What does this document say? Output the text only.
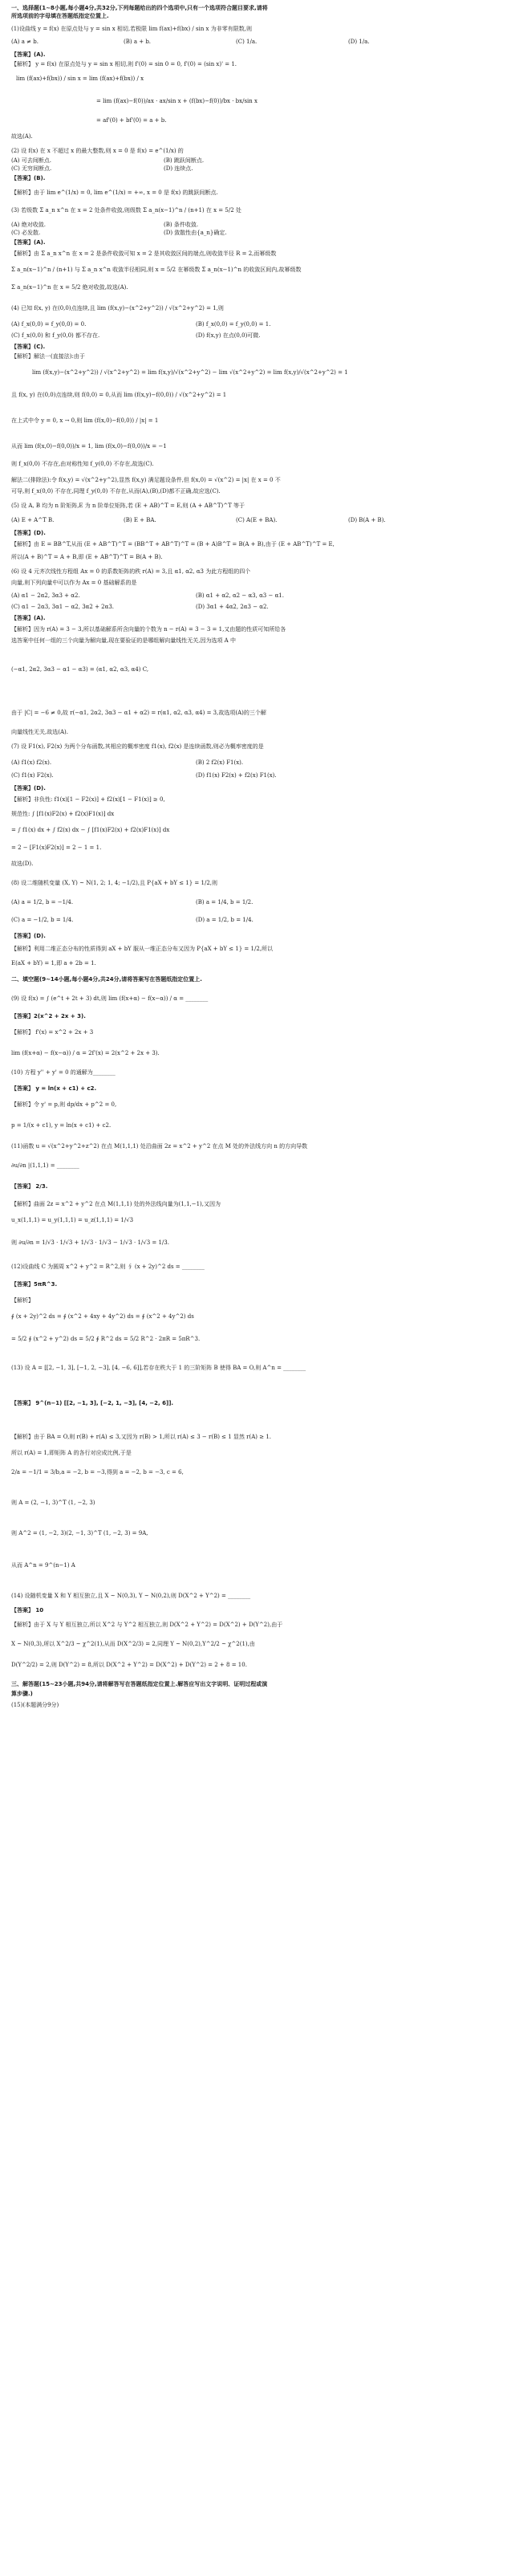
一、选择题(1~8小题,每小题4分,共32分,下列每题给出的四个选项中,只有一个选项符合题目要求,请将
所选项前的字母填在答题纸指定位置上.
(1)设曲线 y = f(x) 在原点处与 y = sin x 相切,若极限 lim f(ax)+f(bx) / sin x 为非零有限数,则
(A) a ≠ b.	(B) a + b.	(C) 1/a.	(D) 1/a.
【答案】(A).
【解析】 y = f(x) 在原点处与 y = sin x 相切,则 f'(0) = sin 0 = 0, f'(0) = (sin x)' = 1.
lim (f(ax)+f(bx)) / sin x = lim (f(ax)+f(bx)) / x
= lim (f(ax)−f(0))/ax · ax/sin x + (f(bx)−f(0))/bx · bx/sin x
= af'(0) + bf'(0) = a + b.
故选(A).
(2) 设 f(x) 在 x 不超过 x 的最大整数,则 x = 0 是 f(x) = e^(1/x) 的
(A) 可去间断点.	(B) 跳跃间断点.
(C) 无穷间断点.	(D) 连续点.
【答案】(B).
【解析】由于 lim e^(1/x) = 0, lim e^(1/x) = +∞, x = 0 是 f(x) 的跳跃间断点.
(3) 若级数 Σ a_n x^n 在 x = 2 处条件收敛,则级数 Σ a_n(x−1)^n / (n+1) 在 x = 5/2 处
(A) 绝对收敛.	(B) 条件收敛.
(C) 必发散.	(D) 敛散性由{a_n}确定.
【答案】(A).
【解析】由 Σ a_n x^n 在 x = 2 是条件收敛可知 x = 2 是其收敛区间的端点,则收敛半径 R = 2,而幂级数
Σ a_n(x−1)^n / (n+1) 与 Σ a_n x^n 收敛半径相同,则 x = 5/2 在幂级数 Σ a_n(x−1)^n 的收敛区间内,故幂级数
Σ a_n(x−1)^n 在 x = 5/2 绝对收敛,故选(A).
(4) 已知 f(x, y) 在(0,0)点连续,且 lim (f(x,y)−(x^2+y^2)) / √(x^2+y^2) = 1,则
(A) f_x(0,0) = f_y(0,0) = 0.	(B) f_x(0,0) = f_y(0,0) = 1.
(C) f_x(0,0) 和 f_y(0,0) 都不存在.	(D) f(x,y) 在点(0,0)可微.
【答案】(C).
【解析】解法一(直接法):由于
lim (f(x,y)−(x^2+y^2)) / √(x^2+y^2) = lim f(x,y)/√(x^2+y^2) − lim √(x^2+y^2) = lim f(x,y)/√(x^2+y^2) = 1
且 f(x, y) 在(0,0)点连续,则 f(0,0) = 0,从而 lim (f(x,y)−f(0,0)) / √(x^2+y^2) = 1
在上式中令 y = 0, x → 0,则 lim (f(x,0)−f(0,0)) / |x| = 1
从而 lim (f(x,0)−f(0,0))/x = 1, lim (f(x,0)−f(0,0))/x = −1
则 f_x(0,0) 不存在,由对称性知 f_y(0,0) 不存在,故选(C).
解法二(排除法):令 f(x,y) = √(x^2+y^2),显然 f(x,y) 满足题设条件,但 f(x,0) = √(x^2) = |x| 在 x = 0 不
可导,则 f_x(0,0) 不存在,同理 f_y(0,0) 不存在,从而(A),(B),(D)都不正确,故应选(C).
(5) 设 A, B 均为 n 阶矩阵,E 为 n 阶单位矩阵,若 (E + AB)^T = E,则 (A + AB^T)^T 等于
(A) E + A^T B.	(B) E + BA.	(C) A(E + BA).	(D) B(A + B).
【答案】(D).
【解析】由 E = BB^T,从而 (E + AB^T)^T = (BB^T + AB^T)^T = (B + A)B^T = B(A + B),由于 (E + AB^T)^T = E,
所以(A + B)^T = A + B,即 (E + AB^T)^T = B(A + B).
(6) 设 4 元齐次线性方程组 Ax = 0 的系数矩阵的秩 r(A) = 3,且 α1, α2, α3 为此方程组的四个
向量,则下列向量中可以作为 Ax = 0 基础解系的是
(A) α1 − 2α2, 3α3 + α2.	(B) α1 + α2, α2 − α3, α3 − α1.
(C) α1 − 2α3, 3α1 − α2, 3α2 + 2α3.	(D) 3α1 + 4α2, 2α3 − α2.
【答案】(A).
【解析】因为 r(A) = 3 − 3,所以基础解系所含向量的个数为 n − r(A) = 3 − 3 = 1,又由题的性质可知所给各
选答案中任何一组的三个向量为解向量,现在要验证的是哪组解向量线性无关,因为选项 A 中
(−α1, 2α2, 3α3 − α1 − α3) = (α1, α2, α3, α4) C,
由于 |C| = −6 ≠ 0,故 r(−α1, 2α2, 3α3 − α1 + α2) = r(α1, α2, α3, α4) = 3,故选项(A)的三个解
向量线性无关,故选(A).
(7) 设 F1(x), F2(x) 为两个分布函数,其相应的概率密度 f1(x), f2(x) 是连续函数,则必为概率密度的是
(A) f1(x) f2(x).	(B) 2 f2(x) F1(x).
(C) f1(x) F2(x).	(D) f1(x) F2(x) + f2(x) F1(x).
【答案】(D).
【解析】非负性: f1(x)[1 − F2(x)] + f2(x)[1 − F1(x)] ≥ 0,
规范性: ∫ [f1(x)F2(x) + f2(x)F1(x)] dx
= ∫ f1(x) dx + ∫ f2(x) dx − ∫ [f1(x)F2(x) + f2(x)F1(x)] dx
= 2 − [F1(x)F2(x)] = 2 − 1 = 1.
故选(D).
(8) 设二维随机变量 (X, Y) ~ N(1, 2; 1, 4; −1/2),且 P{aX + bY ≤ 1} = 1/2,则
(A) a = 1/2, b = −1/4.	(B) a = 1/4, b = 1/2.
(C) a = −1/2, b = 1/4.	(D) a = 1/2, b = 1/4.
【答案】(D).
【解析】利用二维正态分布的性质得到 aX + bY 服从一维正态分布又因为 P{aX + bY ≤ 1} = 1/2,所以
E(aX + bY) = 1,即 a + 2b = 1.
二、填空题(9~14小题,每小题4分,共24分,请将答案写在答题纸指定位置上.
(9) 设 f(x) = ∫ (e^t + 2t + 3) dt,则 lim (f(x+α) − f(x−α)) / α = ________
【答案】2(x^2 + 2x + 3).
【解析】 f'(x) = x^2 + 2x + 3
lim (f(x+α) − f(x−α)) / α = 2f'(x) = 2(x^2 + 2x + 3).
(10) 方程 y'' + y' = 0 的通解为________
【答案】 y = ln(x + c1) + c2.
【解析】令 y' = p,则 dp/dx + p^2 = 0,
p = 1/(x + c1), y = ln(x + c1) + c2.
(11)函数 u = √(x^2+y^2+z^2) 在点 M(1,1,1) 处沿曲面 2z = x^2 + y^2 在点 M 处的外法线方向 n 的方向导数
∂u/∂n |(1,1,1) = ________
【答案】 2/3.
【解析】曲面 2z = x^2 + y^2 在点 M(1,1,1) 处的外法线向量为(1,1,−1),又因为
u_x(1,1,1) = u_y(1,1,1) = u_z(1,1,1) = 1/√3
则 ∂u/∂n = 1/√3 · 1/√3 + 1/√3 · 1/√3 − 1/√3 · 1/√3 = 1/3.
(12)设曲线 C 为圆周 x^2 + y^2 = R^2,则 ∮ (x + 2y)^2 ds = ________
【答案】5πR^3.
【解析】
∮ (x + 2y)^2 ds = ∮ (x^2 + 4xy + 4y^2) ds = ∮ (x^2 + 4y^2) ds
= 5/2 ∮ (x^2 + y^2) ds = 5/2 ∮ R^2 ds = 5/2 R^2 · 2πR = 5πR^3.
(13) 设 A = [[2, −1, 3], [−1, 2, −3], [4, −6, 6]],若存在秩大于 1 的三阶矩阵 B 使得 BA = O,则 A^n = ________
【答案】 9^(n−1) [[2, −1, 3], [−2, 1, −3], [4, −2, 6]].
【解析】由于 BA = O,则 r(B) + r(A) ≤ 3,又因为 r(B) > 1,所以 r(A) ≤ 3 − r(B) ≤ 1 显然 r(A) ≥ 1.
所以 r(A) = 1,即矩阵 A 的各行对应成比例,于是
2/a = −1/1 = 3/b,a = −2, b = −3,得到 a = −2, b = −3, c = 6,
则 A = (2, −1, 3)^T (1, −2, 3)
则 A^2 = (1, −2, 3)(2, −1, 3)^T (1, −2, 3) = 9A,
从而 A^n = 9^(n−1) A
(14) 设随机变量 X 和 Y 相互独立,且 X ~ N(0,3), Y ~ N(0,2),则 D(X^2 + Y^2) = ________
【答案】 10
【解析】由于 X 与 Y 相互独立,所以 X^2 与 Y^2 相互独立,则 D(X^2 + Y^2) = D(X^2) + D(Y^2),由于
X ~ N(0,3),所以 X^2/3 ~ χ^2(1),从而 D(X^2/3) = 2,同理 Y ~ N(0,2),Y^2/2 ~ χ^2(1),由
D(Y^2/2) = 2,则 D(Y^2) = 8,所以 D(X^2 + Y^2) = D(X^2) + D(Y^2) = 2 + 8 = 10.
三、解答题(15~23小题,共94分,请将解答写在答题纸指定位置上.解答应写出文字说明、证明过程或演
算步骤.)
(15)(本题满分9分)
